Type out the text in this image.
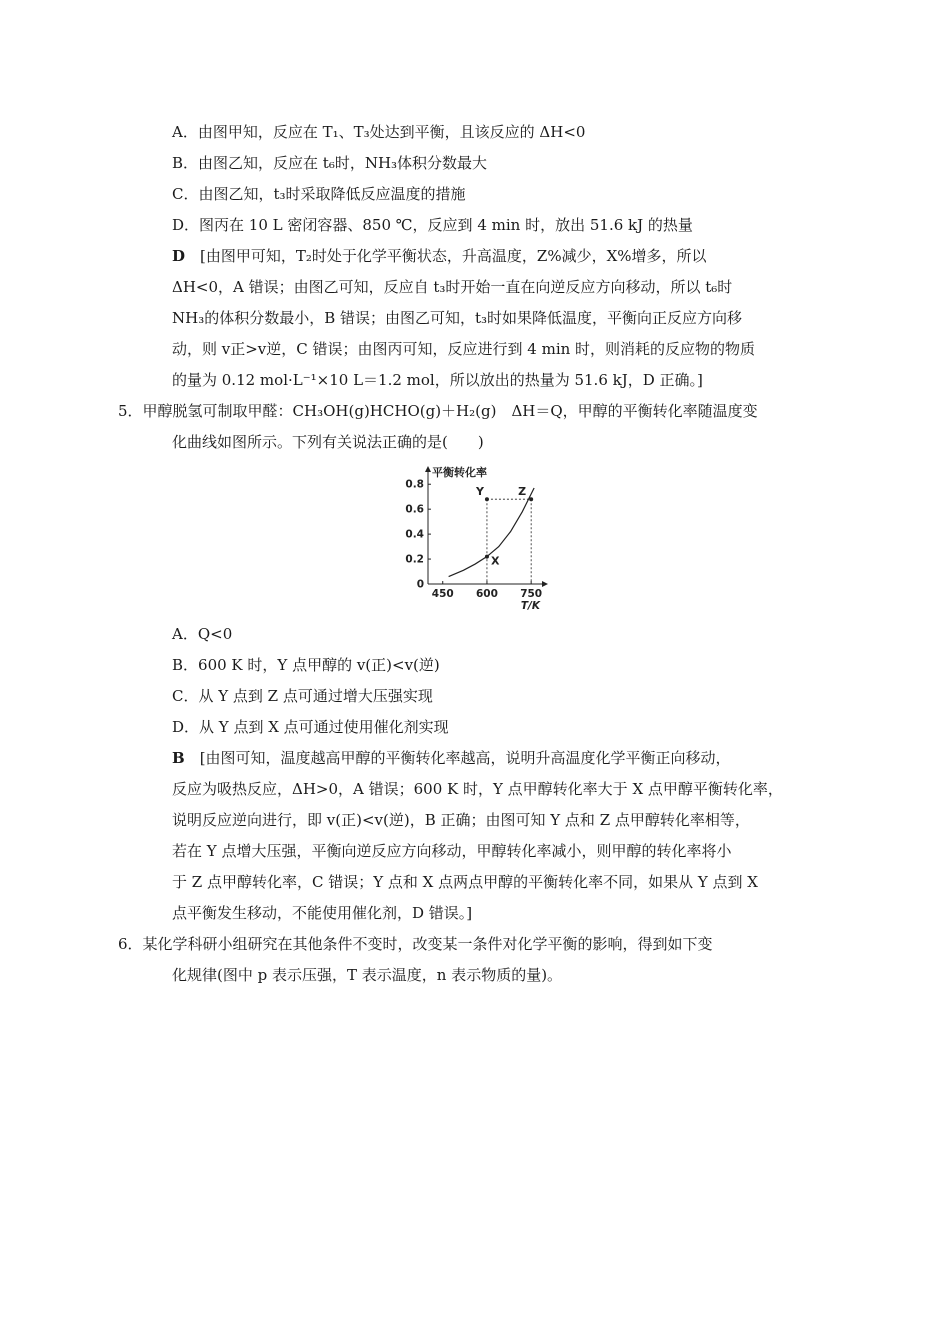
A．由图甲知，反应在 T₁、T₃处达到平衡，且该反应的 ΔH<0
B．由图乙知，反应在 t₆时，NH₃体积分数最大
C．由图乙知，t₃时采取降低反应温度的措施
D．图丙在 10 L 密闭容器、850 ℃，反应到 4 min 时，放出 51.6 kJ 的热量
D　 [由图甲可知，T₂时处于化学平衡状态，升高温度，Z%减少，X%增多，所以
ΔH<0，A 错误；由图乙可知，反应自 t₃时开始一直在向逆反应方向移动，所以 t₆时
NH₃的体积分数最小，B 错误；由图乙可知，t₃时如果降低温度，平衡向正反应方向移
动，则 v正>v逆，C 错误；由图丙可知，反应进行到 4 min 时，则消耗的反应物的物质
的量为 0.12 mol·L⁻¹×10 L＝1.2 mol，所以放出的热量为 51.6 kJ，D 正确。]
5．甲醇脱氢可制取甲醛：CH₃OH(g)HCHO(g)＋H₂(g)　ΔH＝Q，甲醇的平衡转化率随温度变
化曲线如图所示。下列有关说法正确的是(　　)
0
0.2
0.4
0.6
0.8
450 600 750
平衡转化率
T/K
X
Y	Z
A．Q<0
B．600 K 时，Y 点甲醇的 v(正)<v(逆)
C．从 Y 点到 Z 点可通过增大压强实现
D．从 Y 点到 X 点可通过使用催化剂实现
B　 [由图可知，温度越高甲醇的平衡转化率越高，说明升高温度化学平衡正向移动，
反应为吸热反应，ΔH>0，A 错误；600 K 时，Y 点甲醇转化率大于 X 点甲醇平衡转化率，
说明反应逆向进行，即 v(正)<v(逆)，B 正确；由图可知 Y 点和 Z 点甲醇转化率相等，
若在 Y 点增大压强，平衡向逆反应方向移动，甲醇转化率减小，则甲醇的转化率将小
于 Z 点甲醇转化率，C 错误；Y 点和 X 点两点甲醇的平衡转化率不同，如果从 Y 点到 X
点平衡发生移动，不能使用催化剂，D 错误。]
6．某化学科研小组研究在其他条件不变时，改变某一条件对化学平衡的影响，得到如下变
化规律(图中 p 表示压强，T 表示温度，n 表示物质的量)。
